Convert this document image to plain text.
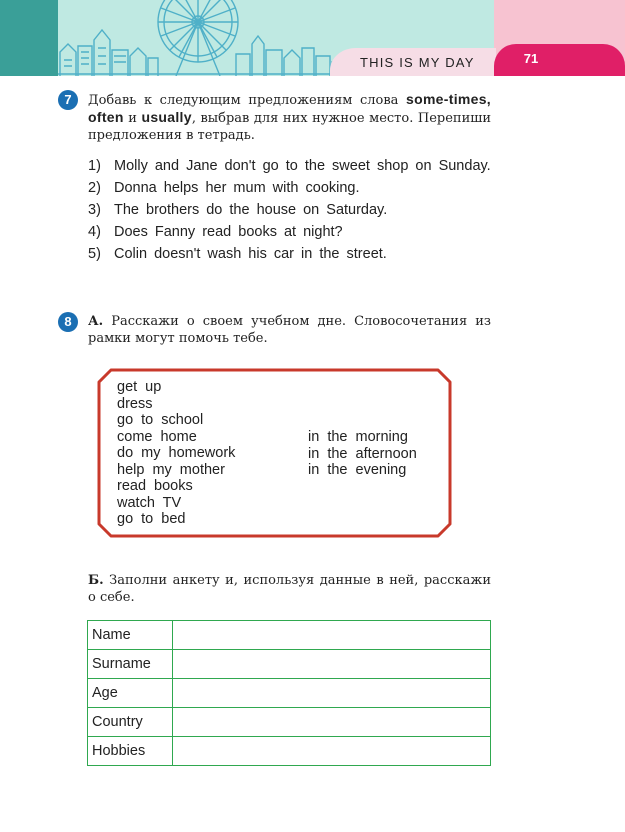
THIS IS MY DAY	71
7	Добавь к следующим предложениям слова some-times, often и usually, выбрав для них нужное место. Перепиши предложения в тетрадь.
1) Molly and Jane don't go to the sweet shop on Sunday.
2) Donna helps her mum with cooking.
3) The brothers do the house on Saturday.
4) Does Fanny read books at night?
5) Colin doesn't wash his car in the street.
8	А. Расскажи о своем учебном дне. Словосочетания из рамки могут помочь тебе.
get up
dress
go to school
come home
do my homework
help my mother
read books
watch TV
go to bed
in the morning
in the afternoon
in the evening
Б. Заполни анкету и, используя данные в ней, расскажи о себе.
Name	
Surname	
Age	
Country	
Hobbies	
